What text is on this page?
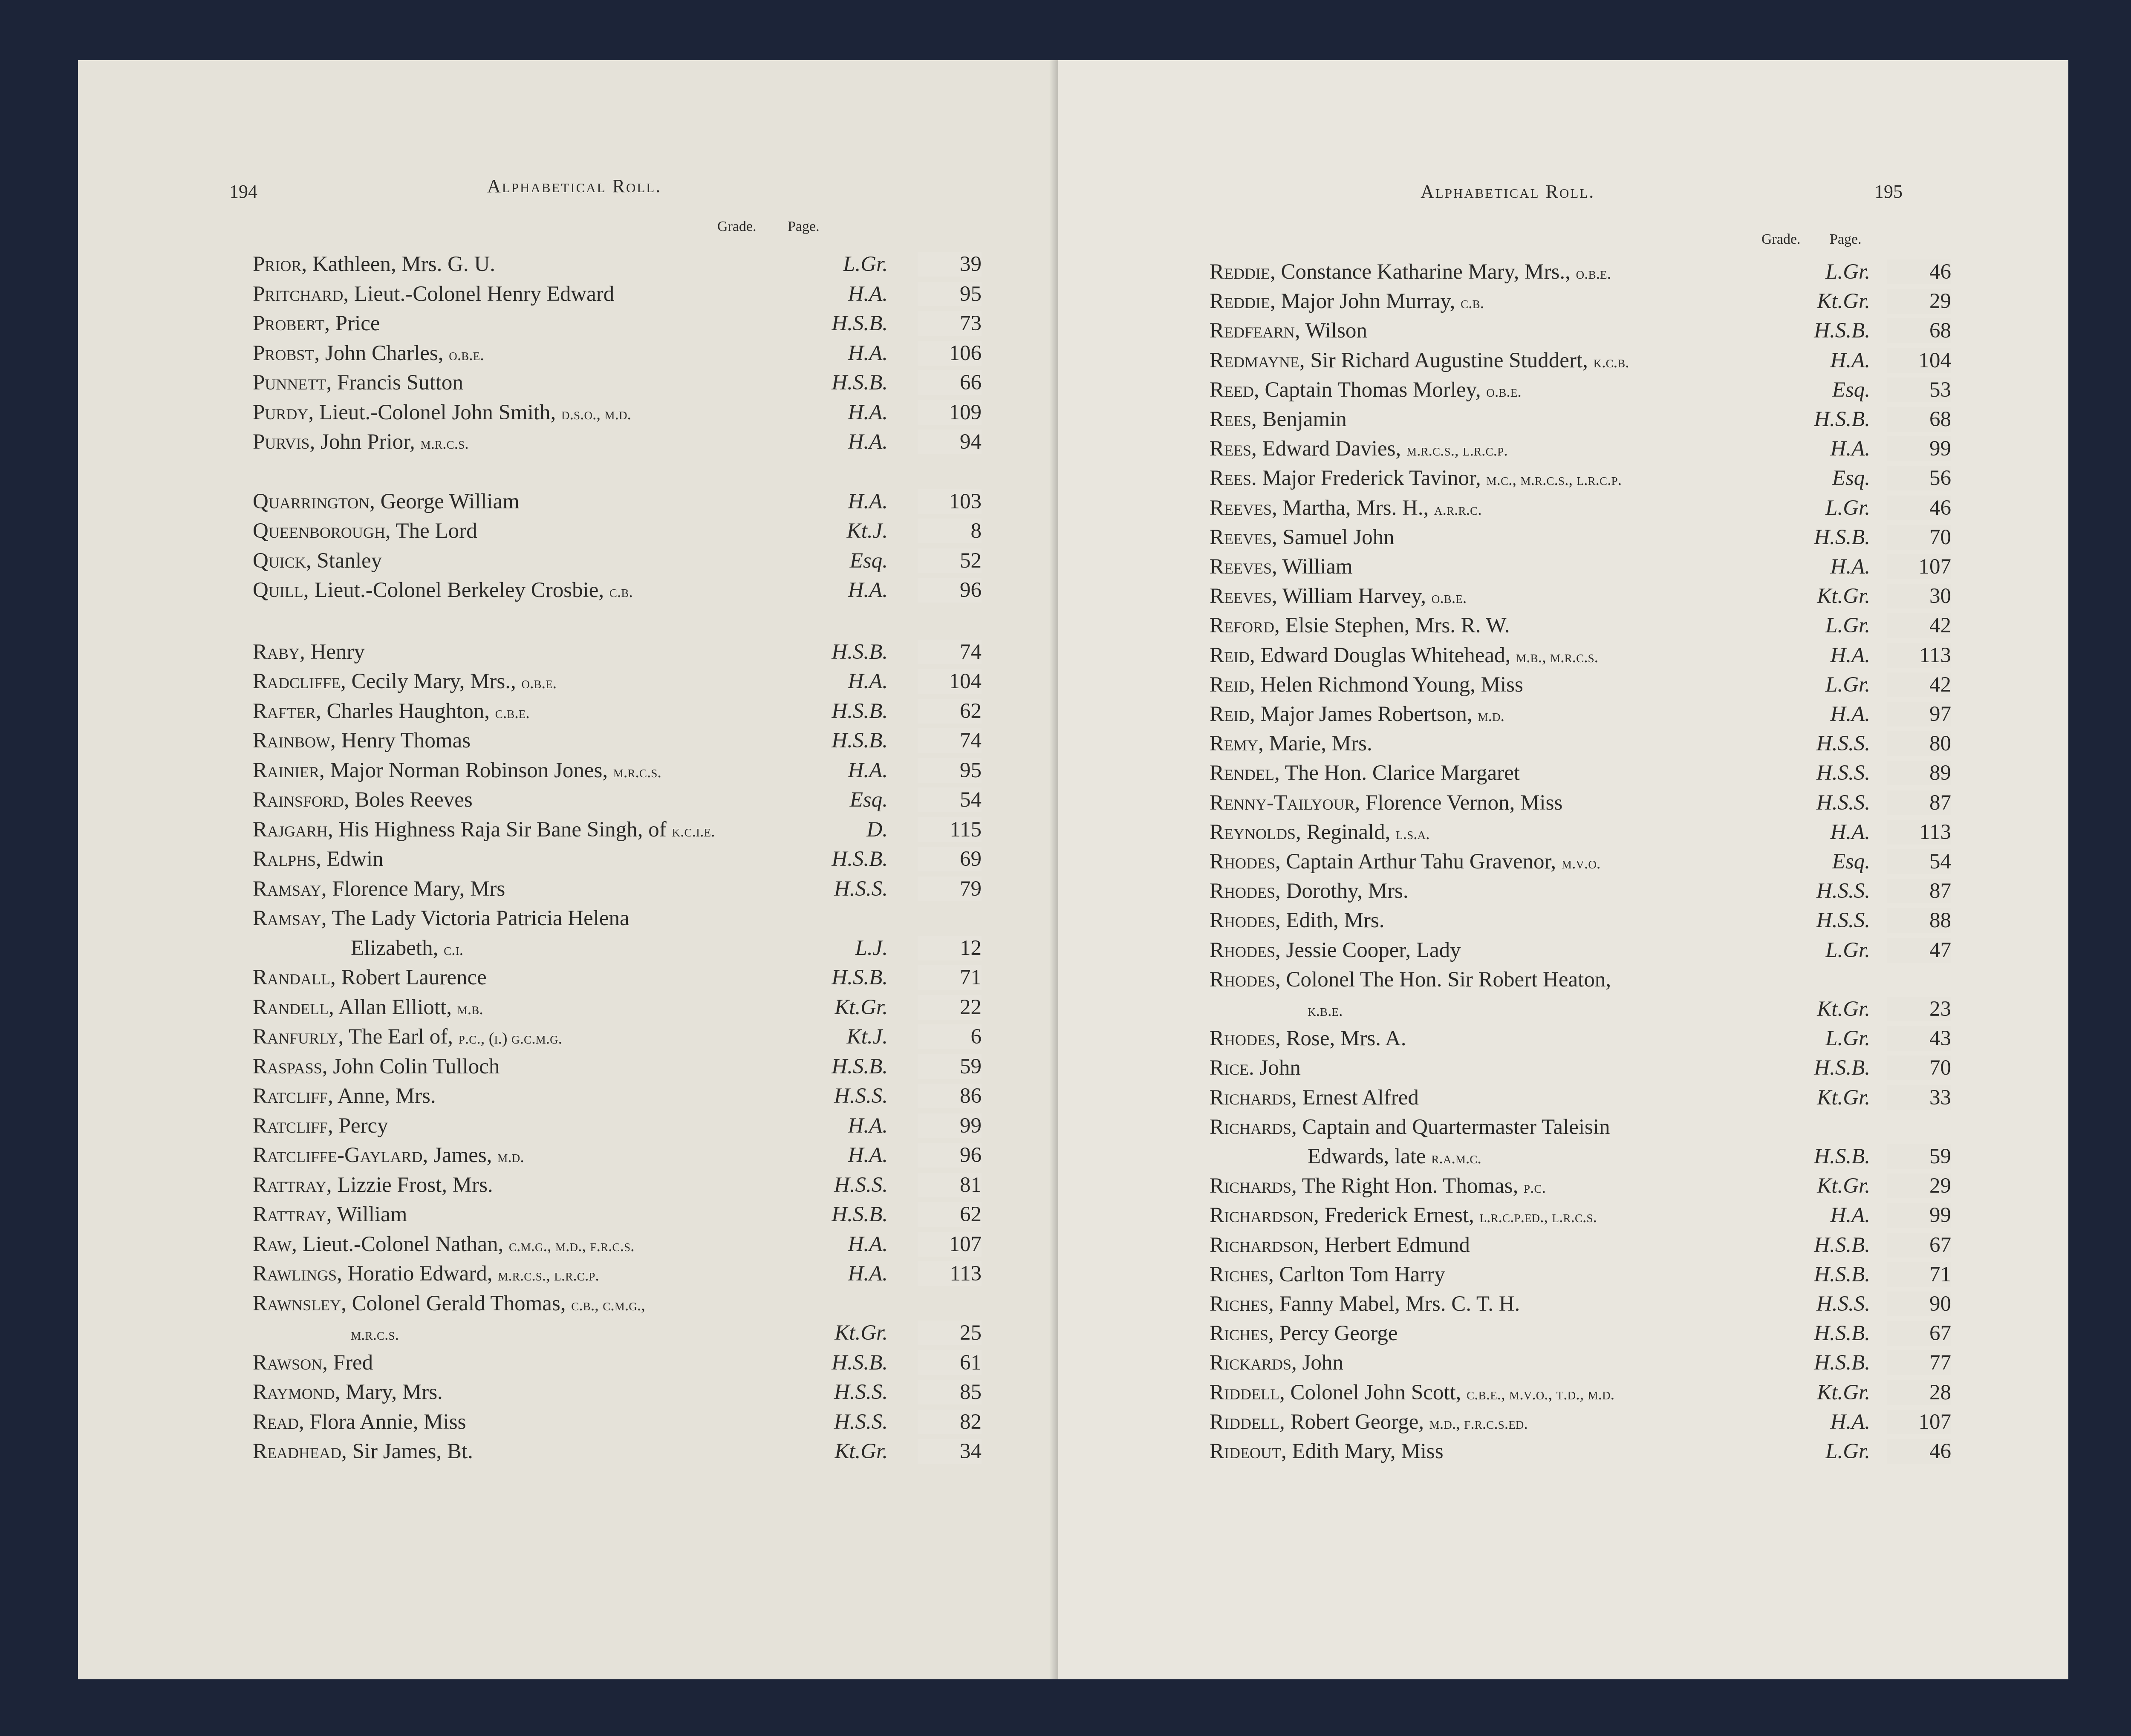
194	Alphabetical Roll.
Grade. Page.
Prior, Kathleen, Mrs. G. U.	L.Gr.	39
Pritchard, Lieut.-Colonel Henry Edward	H.A.	95
Probert, Price	H.S.B.	73
Probst, John Charles, o.b.e.	H.A.	106
Punnett, Francis Sutton	H.S.B.	66
Purdy, Lieut.-Colonel John Smith, d.s.o., m.d.	H.A.	109
Purvis, John Prior, m.r.c.s.	H.A.	94
Quarrington, George William	H.A.	103
Queenborough, The Lord	Kt.J.	8
Quick, Stanley	Esq.	52
Quill, Lieut.-Colonel Berkeley Crosbie, c.b.	H.A.	96
Raby, Henry	H.S.B.	74
Radcliffe, Cecily Mary, Mrs., o.b.e.	H.A.	104
Rafter, Charles Haughton, c.b.e.	H.S.B.	62
Rainbow, Henry Thomas	H.S.B.	74
Rainier, Major Norman Robinson Jones, m.r.c.s.	H.A.	95
Rainsford, Boles Reeves	Esq.	54
Rajgarh, His Highness Raja Sir Bane Singh, of k.c.i.e.	D.	115
Ralphs, Edwin	H.S.B.	69
Ramsay, Florence Mary, Mrs	H.S.S.	79
Ramsay, The Lady Victoria Patricia Helena
Elizabeth, c.i.	L.J.	12
Randall, Robert Laurence	H.S.B.	71
Randell, Allan Elliott, m.b.	Kt.Gr.	22
Ranfurly, The Earl of, p.c., (i.) g.c.m.g.	Kt.J.	6
Raspass, John Colin Tulloch	H.S.B.	59
Ratcliff, Anne, Mrs.	H.S.S.	86
Ratcliff, Percy	H.A.	99
Ratcliffe-Gaylard, James, m.d.	H.A.	96
Rattray, Lizzie Frost, Mrs.	H.S.S.	81
Rattray, William	H.S.B.	62
Raw, Lieut.-Colonel Nathan, c.m.g., m.d., f.r.c.s.	H.A.	107
Rawlings, Horatio Edward, m.r.c.s., l.r.c.p.	H.A.	113
Rawnsley, Colonel Gerald Thomas, c.b., c.m.g.,
m.r.c.s.	Kt.Gr.	25
Rawson, Fred	H.S.B.	61
Raymond, Mary, Mrs.	H.S.S.	85
Read, Flora Annie, Miss	H.S.S.	82
Readhead, Sir James, Bt.	Kt.Gr.	34
Alphabetical Roll.	195
Grade. Page.
Reddie, Constance Katharine Mary, Mrs., o.b.e.	L.Gr.	46
Reddie, Major John Murray, c.b.	Kt.Gr.	29
Redfearn, Wilson	H.S.B.	68
Redmayne, Sir Richard Augustine Studdert, k.c.b.	H.A.	104
Reed, Captain Thomas Morley, o.b.e.	Esq.	53
Rees, Benjamin	H.S.B.	68
Rees, Edward Davies, m.r.c.s., l.r.c.p.	H.A.	99
Rees. Major Frederick Tavinor, m.c., m.r.c.s., l.r.c.p.	Esq.	56
Reeves, Martha, Mrs. H., a.r.r.c.	L.Gr.	46
Reeves, Samuel John	H.S.B.	70
Reeves, William	H.A.	107
Reeves, William Harvey, o.b.e.	Kt.Gr.	30
Reford, Elsie Stephen, Mrs. R. W.	L.Gr.	42
Reid, Edward Douglas Whitehead, m.b., m.r.c.s.	H.A.	113
Reid, Helen Richmond Young, Miss	L.Gr.	42
Reid, Major James Robertson, m.d.	H.A.	97
Remy, Marie, Mrs.	H.S.S.	80
Rendel, The Hon. Clarice Margaret	H.S.S.	89
Renny-Tailyour, Florence Vernon, Miss	H.S.S.	87
Reynolds, Reginald, l.s.a.	H.A.	113
Rhodes, Captain Arthur Tahu Gravenor, m.v.o.	Esq.	54
Rhodes, Dorothy, Mrs.	H.S.S.	87
Rhodes, Edith, Mrs.	H.S.S.	88
Rhodes, Jessie Cooper, Lady	L.Gr.	47
Rhodes, Colonel The Hon. Sir Robert Heaton,
k.b.e.	Kt.Gr.	23
Rhodes, Rose, Mrs. A.	L.Gr.	43
Rice. John	H.S.B.	70
Richards, Ernest Alfred	Kt.Gr.	33
Richards, Captain and Quartermaster Taleisin
Edwards, late r.a.m.c.	H.S.B.	59
Richards, The Right Hon. Thomas, p.c.	Kt.Gr.	29
Richardson, Frederick Ernest, l.r.c.p.ed., l.r.c.s.	H.A.	99
Richardson, Herbert Edmund	H.S.B.	67
Riches, Carlton Tom Harry	H.S.B.	71
Riches, Fanny Mabel, Mrs. C. T. H.	H.S.S.	90
Riches, Percy George	H.S.B.	67
Rickards, John	H.S.B.	77
Riddell, Colonel John Scott, c.b.e., m.v.o., t.d., m.d.	Kt.Gr.	28
Riddell, Robert George, m.d., f.r.c.s.ed.	H.A.	107
Rideout, Edith Mary, Miss	L.Gr.	46
